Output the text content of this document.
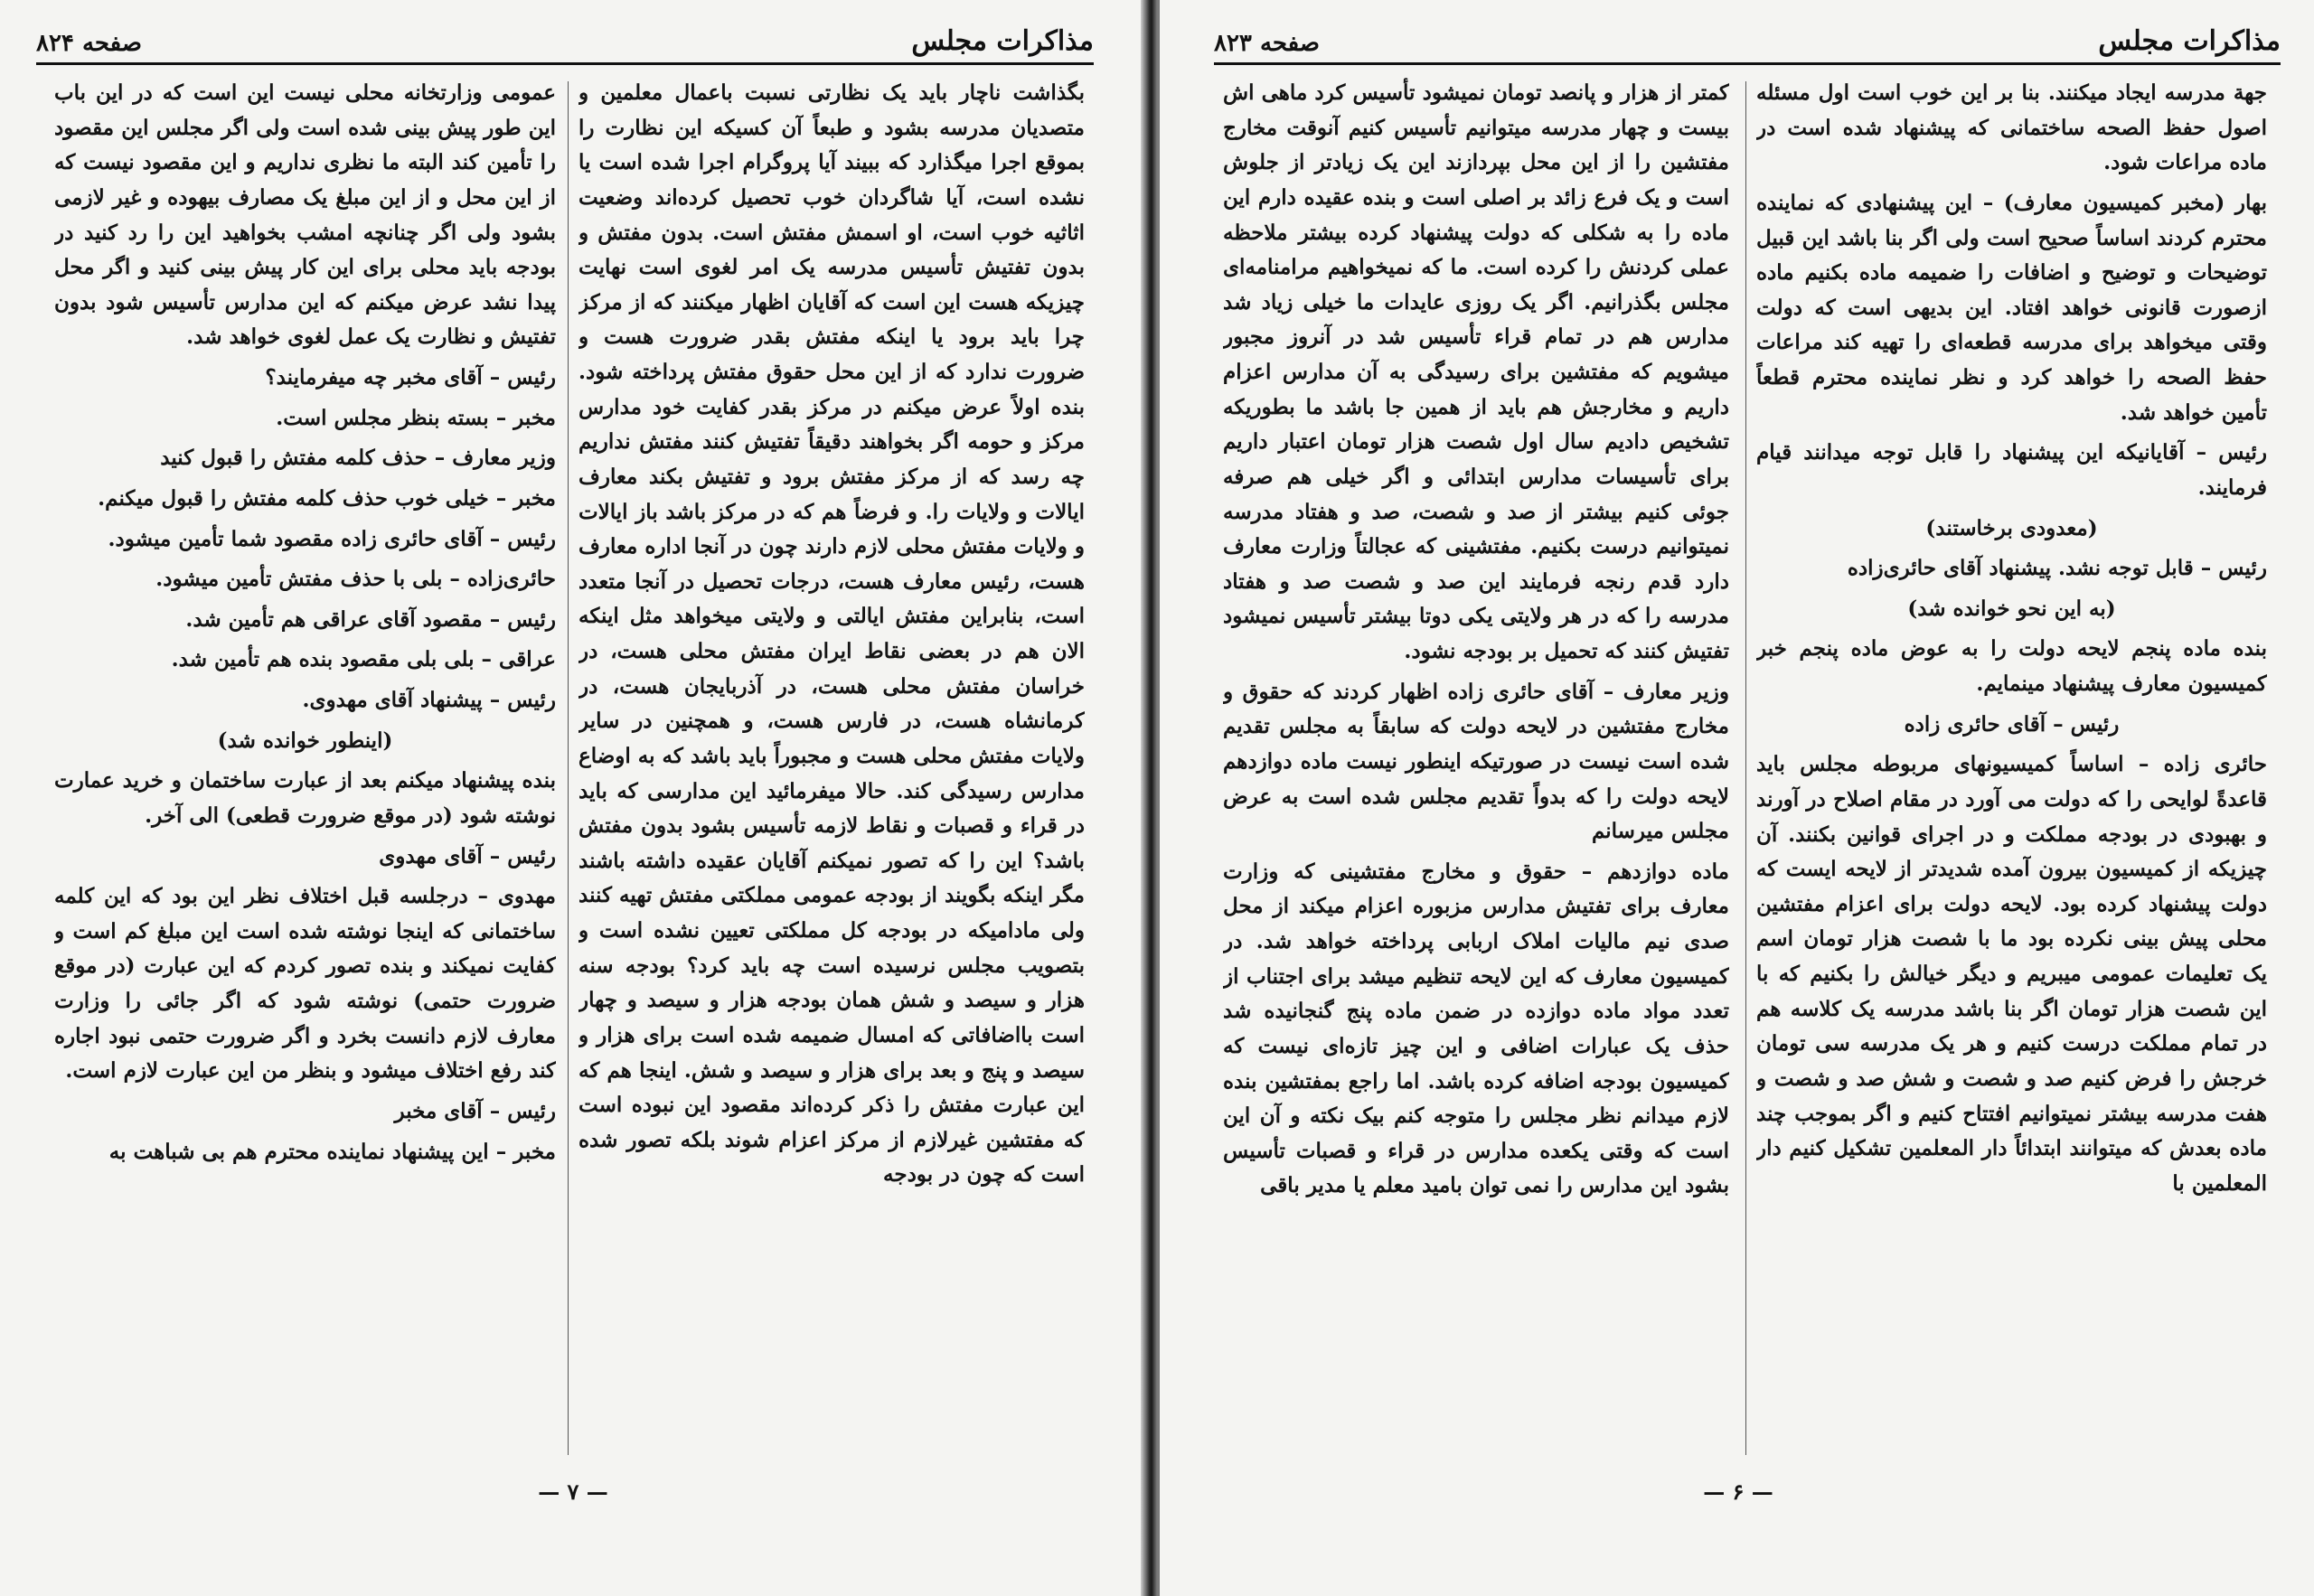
مذاکرات مجلس
صفحه ۸۲۴

بگذاشت ناچار باید یک نظارتی نسبت باعمال معلمین و متصدیان مدرسه بشود و طبعاً آن کسیکه این نظارت را بموقع اجرا میگذارد که ببیند آیا پروگرام اجرا شده است یا نشده است، آیا شاگردان خوب تحصیل کرده‌اند وضعیت اثاثیه خوب است، او اسمش مفتش است. بدون مفتش و بدون تفتیش تأسیس مدرسه یک امر لغوی است نهایت چیزیکه هست این است که آقایان اظهار میکنند که از مرکز چرا باید برود یا اینکه مفتش بقدر ضرورت هست و ضرورت ندارد که از این محل حقوق مفتش پرداخته شود. بنده اولاً عرض میکنم در مرکز بقدر کفایت خود مدارس مرکز و حومه اگر بخواهند دقیقاً تفتیش کنند مفتش نداریم چه رسد که از مرکز مفتش برود و تفتیش بکند معارف ایالات و ولایات را. و فرضاً هم که در مرکز باشد باز ایالات و ولایات مفتش محلی لازم دارند چون در آنجا اداره معارف هست، رئیس معارف هست، درجات تحصیل در آنجا متعدد است، بنابراین مفتش ایالتی و ولایتی میخواهد مثل اینکه الان هم در بعضی نقاط ایران مفتش محلی هست، در خراسان مفتش محلی هست، در آذربایجان هست، در کرمانشاه هست، در فارس هست، و همچنین در سایر ولایات مفتش محلی هست و مجبوراً باید باشد که به اوضاع مدارس رسیدگی کند. حالا میفرمائید این مدارسی که باید در قراء و قصبات و نقاط لازمه تأسیس بشود بدون مفتش باشد؟ این را که تصور نمیکنم آقایان عقیده داشته باشند مگر اینکه بگویند از بودجه عمومی مملکتی مفتش تهیه کنند ولی مادامیکه در بودجه کل مملکتی تعیین نشده است و بتصویب مجلس نرسیده است چه باید کرد؟ بودجه سنه هزار و سیصد و شش همان بودجه هزار و سیصد و چهار است بااضافاتی که امسال ضمیمه شده است برای هزار و سیصد و پنج و بعد برای هزار و سیصد و شش. اینجا هم که این عبارت مفتش را ذکر کرده‌اند مقصود این نبوده است که مفتشین غیرلازم از مرکز اعزام شوند بلکه تصور شده است که چون در بودجه

عمومی وزارتخانه محلی نیست این است که در این باب این طور پیش بینی شده است ولی اگر مجلس این مقصود را تأمین کند البته ما نظری نداریم و این مقصود نیست که از این محل و از این مبلغ یک مصارف بیهوده و غیر لازمی بشود ولی اگر چنانچه امشب بخواهید این را رد کنید در بودجه باید محلی برای این کار پیش بینی کنید و اگر محل پیدا نشد عرض میکنم که این مدارس تأسیس شود بدون تفتیش و نظارت یک عمل لغوی خواهد شد.

رئیس – آقای مخبر چه میفرمایند؟

مخبر – بسته بنظر مجلس است.

وزیر معارف – حذف کلمه مفتش را قبول کنید

مخبر – خیلی خوب حذف کلمه مفتش را قبول میکنم.

رئیس – آقای حائری زاده مقصود شما تأمین میشود.

حائری‌زاده – بلی با حذف مفتش تأمین میشود.

رئیس – مقصود آقای عراقی هم تأمین شد.

عراقی – بلی بلی مقصود بنده هم تأمین شد.

رئیس – پیشنهاد آقای مهدوی.

(اینطور خوانده شد)

بنده پیشنهاد میکنم بعد از عبارت ساختمان و خرید عمارت نوشته شود (در موقع ضرورت قطعی) الی آخر.

رئیس – آقای مهدوی

مهدوی – درجلسه قبل اختلاف نظر این بود که این کلمه ساختمانی که اینجا نوشته شده است این مبلغ کم است و کفایت نمیکند و بنده تصور کردم که این عبارت (در موقع ضرورت حتمی) نوشته شود که اگر جائی را وزارت معارف لازم دانست بخرد و اگر ضرورت حتمی نبود اجاره کند رفع اختلاف میشود و بنظر من این عبارت لازم است.

رئیس – آقای مخبر

مخبر – این پیشنهاد نماینده محترم هم بی شباهت به

— ۷ —
مذاکرات مجلس
صفحه ۸۲۳

جهة مدرسه ایجاد میکنند. بنا بر این خوب است اول مسئله اصول حفظ الصحه ساختمانی که پیشنهاد شده است در ماده مراعات شود.

بهار (مخبر کمیسیون معارف) – این پیشنهادی که نماینده محترم کردند اساساً صحیح است ولی اگر بنا باشد این قبیل توضیحات و توضیح و اضافات را ضمیمه ماده بکنیم ماده ازصورت قانونی خواهد افتاد. این بدیهی است که دولت وقتی میخواهد برای مدرسه قطعه‌ای را تهیه کند مراعات حفظ الصحه را خواهد کرد و نظر نماینده محترم قطعاً تأمین خواهد شد.

رئیس – آقایانیکه این پیشنهاد را قابل توجه میدانند قیام فرمایند.

(معدودی برخاستند)

رئیس – قابل توجه نشد. پیشنهاد آقای حائری‌زاده

(به این نحو خوانده شد)

بنده ماده پنجم لایحه دولت را به عوض ماده پنجم خبر کمیسیون معارف پیشنهاد مینمایم.

رئیس – آقای حائری زاده

حائری زاده – اساساً کمیسیونهای مربوطه مجلس باید قاعدةً لوایحی را که دولت می آورد در مقام اصلاح در آورند و بهبودی در بودجه مملکت و در اجرای قوانین بکنند. آن چیزیکه از کمیسیون بیرون آمده شدیدتر از لایحه ایست که دولت پیشنهاد کرده بود. لایحه دولت برای اعزام مفتشین محلی پیش بینی نکرده بود ما با شصت هزار تومان اسم یک تعلیمات عمومی میبریم و دیگر خیالش را بکنیم که با این شصت هزار تومان اگر بنا باشد مدرسه یک کلاسه هم در تمام مملکت درست کنیم و هر یک مدرسه سی تومان خرجش را فرض کنیم صد و شصت و شش صد و شصت و هفت مدرسه بیشتر نمیتوانیم افتتاح کنیم و اگر بموجب چند ماده بعدش که میتوانند ابتدائاً دار المعلمین تشکیل کنیم دار المعلمین با

کمتر از هزار و پانصد تومان نمیشود تأسیس کرد ماهی اش بیست و چهار مدرسه میتوانیم تأسیس کنیم آنوقت مخارج مفتشین را از این محل بپردازند این یک زیادتر از جلوش است و یک فرع زائد بر اصلی است و بنده عقیده دارم این ماده را به شکلی که دولت پیشنهاد کرده بیشتر ملاحظه عملی کردنش را کرده است. ما که نمیخواهیم مرامنامه‌ای مجلس بگذرانیم. اگر یک روزی عایدات ما خیلی زیاد شد مدارس هم در تمام قراء تأسیس شد در آنروز مجبور میشویم که مفتشین برای رسیدگی به آن مدارس اعزام داریم و مخارجش هم باید از همین جا باشد ما بطوریکه تشخیص دادیم سال اول شصت هزار تومان اعتبار داریم برای تأسیسات مدارس ابتدائی و اگر خیلی هم صرفه جوئی کنیم بیشتر از صد و شصت، صد و هفتاد مدرسه نمیتوانیم درست بکنیم. مفتشینی که عجالتاً وزارت معارف دارد قدم رنجه فرمایند این صد و شصت صد و هفتاد مدرسه را که در هر ولایتی یکی دوتا بیشتر تأسیس نمیشود تفتیش کنند که تحمیل بر بودجه نشود.

وزیر معارف – آقای حائری زاده اظهار کردند که حقوق و مخارج مفتشین در لایحه دولت که سابقاً به مجلس تقدیم شده است نیست در صورتیکه اینطور نیست ماده دوازدهم لایحه دولت را که بدواً تقدیم مجلس شده است به عرض مجلس میرسانم

ماده دوازدهم – حقوق و مخارج مفتشینی که وزارت معارف برای تفتیش مدارس مزبوره اعزام میکند از محل صدی نیم مالیات املاک اربابی پرداخته خواهد شد. در کمیسیون معارف که این لایحه تنظیم میشد برای اجتناب از تعدد مواد ماده دوازده در ضمن ماده پنج گنجانیده شد حذف یک عبارات اضافی و این چیز تازه‌ای نیست که کمیسیون بودجه اضافه کرده باشد. اما راجع بمفتشین بنده لازم میدانم نظر مجلس را متوجه کنم بیک نکته و آن این است که وقتی یکعده مدارس در قراء و قصبات تأسیس بشود این مدارس را نمی توان بامید معلم یا مدیر باقی

— ۶ —
